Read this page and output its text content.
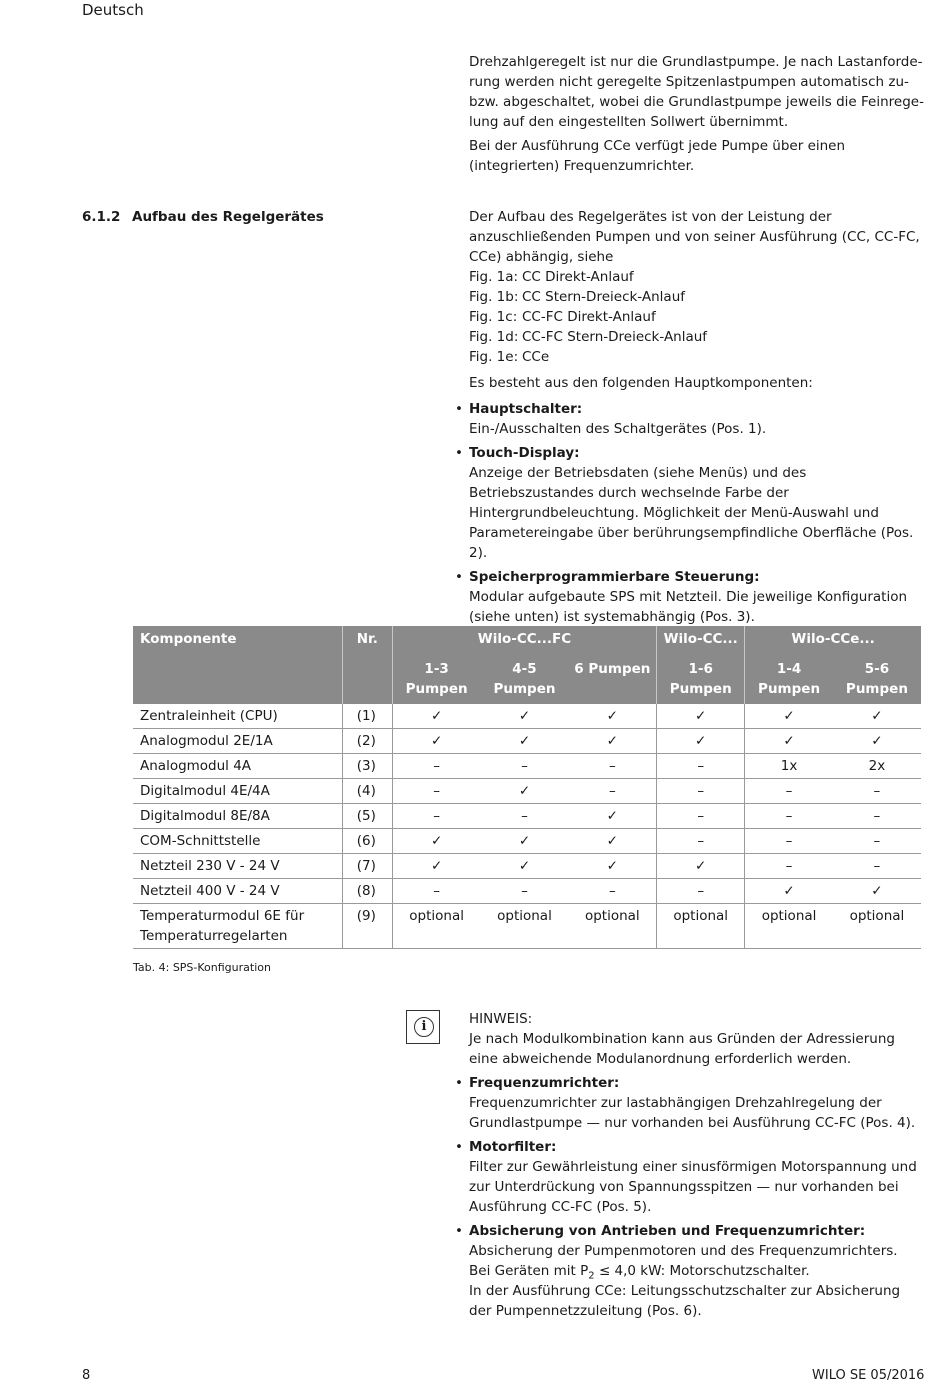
Deutsch

Drehzahlgeregelt ist nur die Grundlastpumpe. Je nach Lastanforderung werden nicht geregelte Spitzenlastpumpen automatisch zu- bzw. abgeschaltet, wobei die Grundlastpumpe jeweils die Feinregelung auf den eingestellten Sollwert übernimmt.

Bei der Ausführung CCe verfügt jede Pumpe über einen (integrierten) Frequenzumrichter.

6.1.2 Aufbau des Regelgerätes	Der Aufbau des Regelgerätes ist von der Leistung der anzuschließenden Pumpen und von seiner Ausführung (CC, CC-FC, CCe) abhängig, siehe

Fig. 1a: CC Direkt-Anlauf
Fig. 1b: CC Stern-Dreieck-Anlauf
Fig. 1c: CC-FC Direkt-Anlauf
Fig. 1d: CC-FC Stern-Dreieck-Anlauf
Fig. 1e: CCe

Es besteht aus den folgenden Hauptkomponenten:

• Hauptschalter:
Ein-/Ausschalten des Schaltgerätes (Pos. 1).
• Touch-Display:
Anzeige der Betriebsdaten (siehe Menüs) und des Betriebszustandes durch wechselnde Farbe der Hintergrundbeleuchtung. Möglichkeit der Menü-Auswahl und Parametereingabe über berührungsempfindliche Oberfläche (Pos. 2).
• Speicherprogrammierbare Steuerung:
Modular aufgebaute SPS mit Netzteil. Die jeweilige Konfiguration (siehe unten) ist systemabhängig (Pos. 3).
Komponente	Nr.	Wilo-CC...FC			Wilo-CC...	Wilo-CCe...	
		1-3 Pumpen	4-5 Pumpen	6 Pumpen	1-6 Pumpen	1-4 Pumpen	5-6 Pumpen
Zentraleinheit (CPU)	(1)	✓	✓	✓	✓	✓	✓
Analogmodul 2E/1A	(2)	✓	✓	✓	✓	✓	✓
Analogmodul 4A	(3)	–	–	–	–	1x	2x
Digitalmodul 4E/4A	(4)	–	✓	–	–	–	–
Digitalmodul 8E/8A	(5)	–	–	✓	–	–	–
COM-Schnittstelle	(6)	✓	✓	✓	–	–	–
Netzteil 230 V - 24 V	(7)	✓	✓	✓	✓	–	–
Netzteil 400 V - 24 V	(8)	–	–	–	–	✓	✓
Temperaturmodul 6E für Temperaturregelarten	(9)	optional	optional	optional	optional	optional	optional
Tab. 4: SPS-Konfiguration
i	HINWEIS:

Je nach Modulkombination kann aus Gründen der Adressierung eine abweichende Modulanordnung erforderlich werden.

• Frequenzumrichter:
Frequenzumrichter zur lastabhängigen Drehzahlregelung der Grundlastpumpe — nur vorhanden bei Ausführung CC-FC (Pos. 4).
• Motorfilter:
Filter zur Gewährleistung einer sinusförmigen Motorspannung und zur Unterdrückung von Spannungsspitzen — nur vorhanden bei Ausführung CC-FC (Pos. 5).
• Absicherung von Antrieben und Frequenzumrichter:
Absicherung der Pumpenmotoren und des Frequenzumrichters.
Bei Geräten mit $P_2 \le 4,0$ kW: Motorschutzschalter.
In der Ausführung CCe: Leitungsschutzschalter zur Absicherung der Pumpennetzzuleitung (Pos. 6).
8	WILO SE 05/2016
